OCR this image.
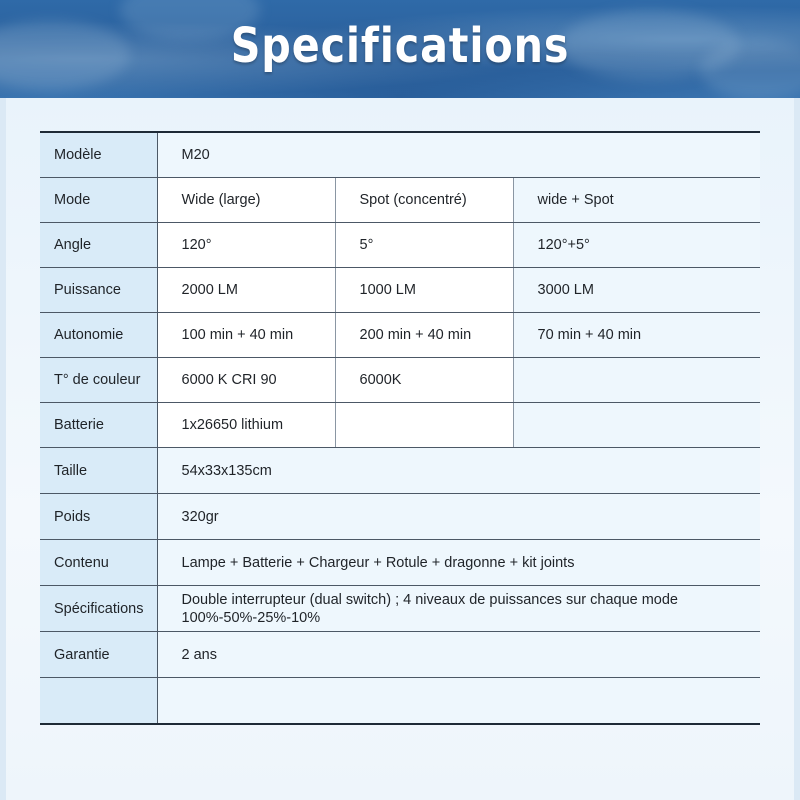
Specifications
Modèle	M20		
Mode	Wide (large)	Spot (concentré)	wide + Spot
Angle	120°	5°	120°+5°
Puissance	2000 LM	1000 LM	3000 LM
Autonomie	100 min + 40 min	200 min + 40 min	70 min + 40 min
T° de couleur	6000 K CRI 90	6000K	
Batterie	1x26650 lithium		
Taille	54x33x135cm		
Poids	320gr		
Contenu	Lampe + Batterie + Chargeur + Rotule + dragonne + kit joints		
Spécifications	Double interrupteur (dual switch) ; 4 niveaux de puissances sur chaque mode 100%-50%-25%-10%		
Garantie	2 ans		
